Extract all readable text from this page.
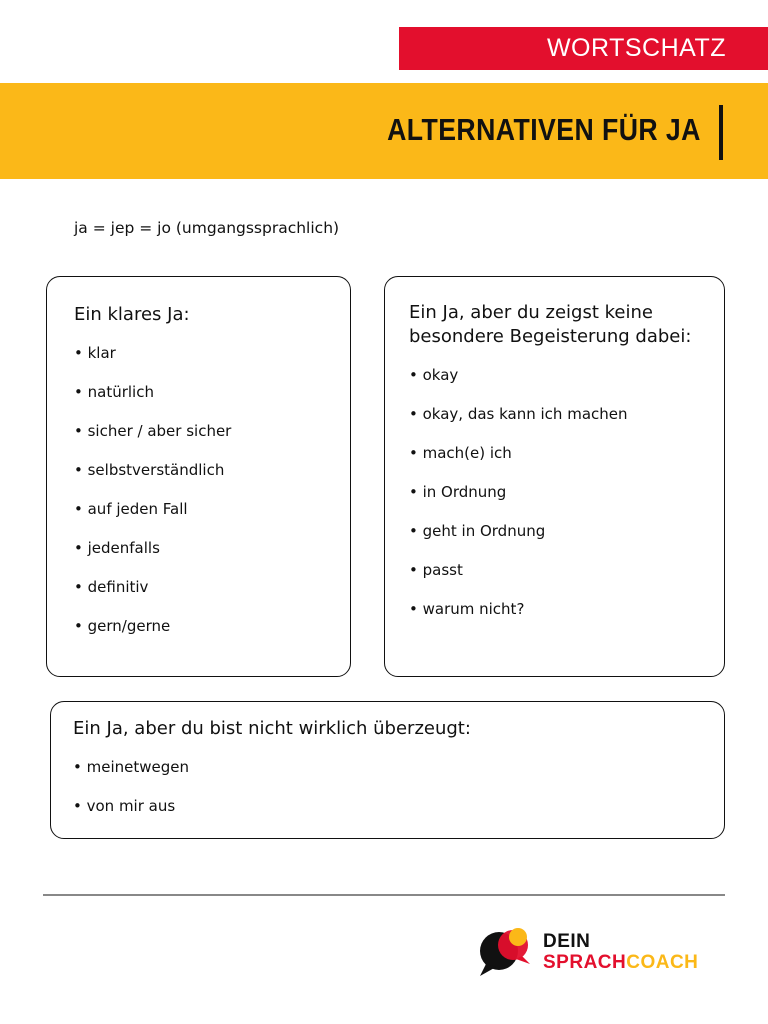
WORTSCHATZ
ALTERNATIVEN FÜR JA
ja = jep = jo (umgangssprachlich)
Ein klares Ja:
• klar
• natürlich
• sicher / aber sicher
• selbstverständlich
• auf jeden Fall
• jedenfalls
• definitiv
• gern/gerne
Ein Ja, aber du zeigst keine besondere Begeisterung dabei:
• okay
• okay, das kann ich machen
• mach(e) ich
• in Ordnung
• geht in Ordnung
• passt
• warum nicht?
Ein Ja, aber du bist nicht wirklich überzeugt:
• meinetwegen
• von mir aus
DEIN
SPRACHCOACH
